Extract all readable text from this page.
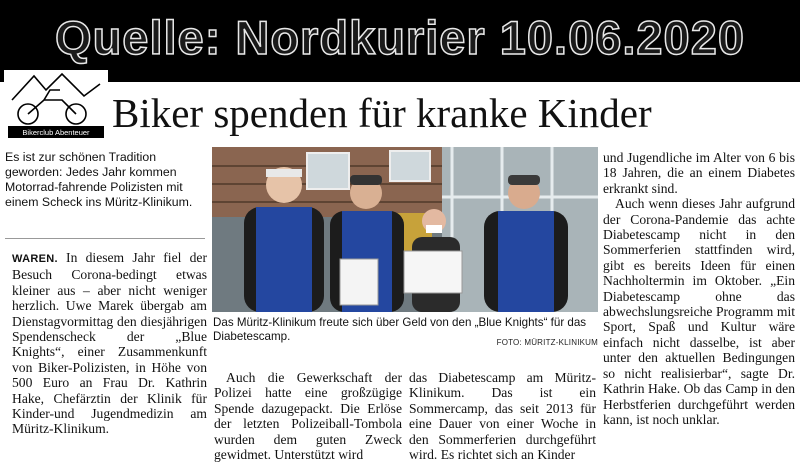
Quelle: Nordkurier 10.06.2020
Bikerclub Abenteuer Biker spenden für kranke Kinder
Es ist zur schönen Tradition geworden: Jedes Jahr kommen Motorrad-fahrende Polizisten mit einem Scheck ins Müritz-Klinikum.

WAREN. In diesem Jahr fiel der Besuch Corona-bedingt etwas kleiner aus – aber nicht weniger herzlich. Uwe Marek übergab am Dienstagvormittag den diesjährigen Spendenscheck der „Blue Knights“, einer Zusammenkunft von Biker-Polizisten, in Höhe von 500 Euro an Frau Dr. Kathrin Hake, Chefärztin der Klinik für Kinder-und Jugendmedizin am Müritz-Klinikum.

Das Müritz-Klinikum freute sich über Geld von den „Blue Knights“ für das Diabetescamp.	FOTO: MÜRITZ-KLINIKUM

Auch die Gewerkschaft der Polizei hatte eine großzügige Spende dazugepackt. Die Erlöse der letzten Polizeiball-Tombola wurden dem guten Zweck gewidmet. Unterstützt wird

das Diabetescamp am Müritz-Klinikum. Das ist ein Sommercamp, das seit 2013 für eine Dauer von einer Woche in den Sommerferien durchgeführt wird. Es richtet sich an Kinder

und Jugendliche im Alter von 6 bis 18 Jahren, die an einem Diabetes erkrankt sind.

Auch wenn dieses Jahr aufgrund der Corona-Pandemie das achte Diabetescamp nicht in den Sommerferien stattfinden wird, gibt es bereits Ideen für einen Nachholtermin im Oktober. „Ein Diabetescamp ohne das abwechslungsreiche Programm mit Sport, Spaß und Kultur wäre einfach nicht dasselbe, ist aber unter den aktuellen Bedingungen so nicht realisierbar“, sagte Dr. Kathrin Hake. Ob das Camp in den Herbstferien durchgeführt werden kann, ist noch unklar.
